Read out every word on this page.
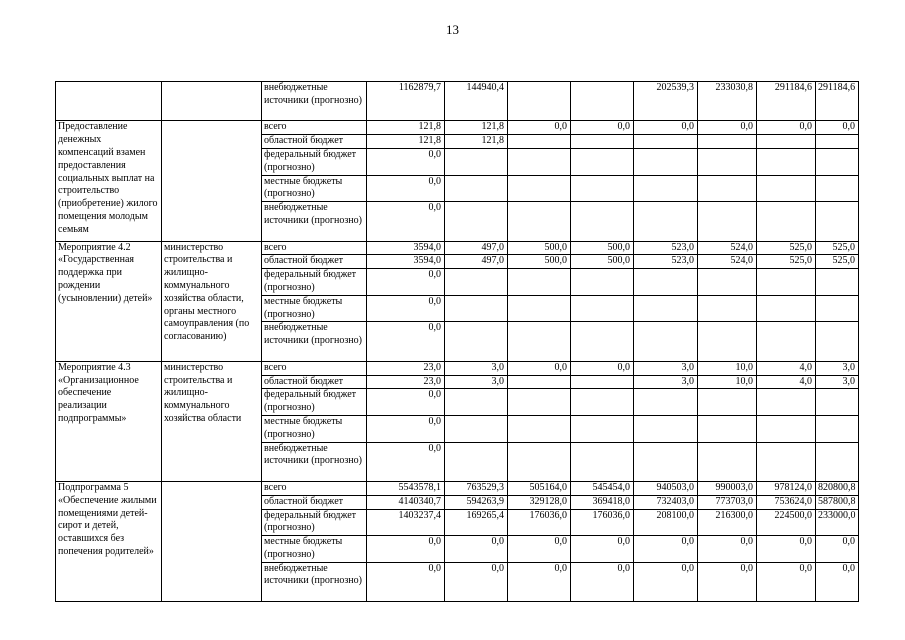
13
		внебюджетные источники (прогнозно)	1162879,7	144940,4			202539,3	233030,8	291184,6	291184,6
Предоставление денежных компенсаций взамен предоставления социальных выплат на строительство (приобретение) жилого помещения молодым семьям		всего	121,8	121,8	0,0	0,0	0,0	0,0	0,0	0,0
		областной бюджет	121,8	121,8						
		федеральный бюджет (прогнозно)	0,0							
		местные бюджеты (прогнозно)	0,0							
		внебюджетные источники (прогнозно)	0,0							
Мероприятие 4.2 «Государственная поддержка при рождении (усыновлении) детей»	министерство строительства и жилищно-коммунального хозяйства области, органы местного самоуправления (по согласованию)	всего	3594,0	497,0	500,0	500,0	523,0	524,0	525,0	525,0
		областной бюджет	3594,0	497,0	500,0	500,0	523,0	524,0	525,0	525,0
		федеральный бюджет (прогнозно)	0,0							
		местные бюджеты (прогнозно)	0,0							
		внебюджетные источники (прогнозно)	0,0							
Мероприятие 4.3 «Организационное обеспечение реализации подпрограммы»	министерство строительства и жилищно-коммунального хозяйства области	всего	23,0	3,0	0,0	0,0	3,0	10,0	4,0	3,0
		областной бюджет	23,0	3,0			3,0	10,0	4,0	3,0
		федеральный бюджет (прогнозно)	0,0							
		местные бюджеты (прогнозно)	0,0							
		внебюджетные источники (прогнозно)	0,0							
Подпрограмма 5 «Обеспечение жилыми помещениями детей-сирот и детей, оставшихся без попечения родителей»		всего	5543578,1	763529,3	505164,0	545454,0	940503,0	990003,0	978124,0	820800,8
		областной бюджет	4140340,7	594263,9	329128,0	369418,0	732403,0	773703,0	753624,0	587800,8
		федеральный бюджет (прогнозно)	1403237,4	169265,4	176036,0	176036,0	208100,0	216300,0	224500,0	233000,0
		местные бюджеты (прогнозно)	0,0	0,0	0,0	0,0	0,0	0,0	0,0	0,0
		внебюджетные источники (прогнозно)	0,0	0,0	0,0	0,0	0,0	0,0	0,0	0,0
